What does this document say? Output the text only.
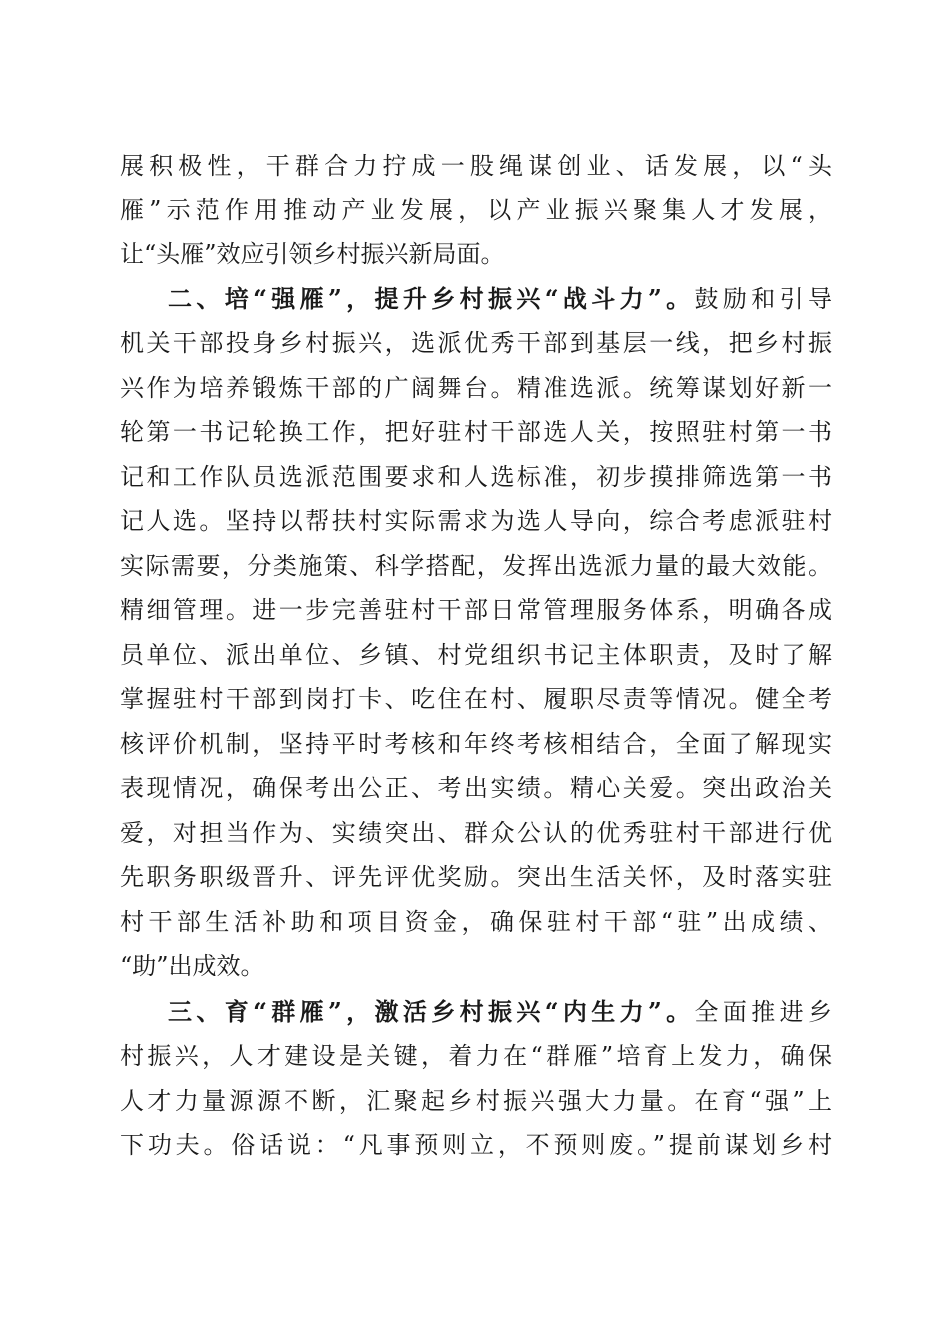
展积极性，干群合力拧成一股绳谋创业、话发展，以“头
雁”示范作用推动产业发展，以产业振兴聚集人才发展，
让“头雁”效应引领乡村振兴新局面。
二、培“强雁”，提升乡村振兴“战斗力”。鼓励和引导
机关干部投身乡村振兴，选派优秀干部到基层一线，把乡村振
兴作为培养锻炼干部的广阔舞台。精准选派。统筹谋划好新一
轮第一书记轮换工作，把好驻村干部选人关，按照驻村第一书
记和工作队员选派范围要求和人选标准，初步摸排筛选第一书
记人选。坚持以帮扶村实际需求为选人导向，综合考虑派驻村
实际需要，分类施策、科学搭配，发挥出选派力量的最大效能。
精细管理。进一步完善驻村干部日常管理服务体系，明确各成
员单位、派出单位、乡镇、村党组织书记主体职责，及时了解
掌握驻村干部到岗打卡、吃住在村、履职尽责等情况。健全考
核评价机制，坚持平时考核和年终考核相结合，全面了解现实
表现情况，确保考出公正、考出实绩。精心关爱。突出政治关
爱，对担当作为、实绩突出、群众公认的优秀驻村干部进行优
先职务职级晋升、评先评优奖励。突出生活关怀，及时落实驻
村干部生活补助和项目资金，确保驻村干部“驻”出成绩、
“助”出成效。
三、育“群雁”，激活乡村振兴“内生力”。全面推进乡
村振兴，人才建设是关键，着力在“群雁”培育上发力，确保
人才力量源源不断，汇聚起乡村振兴强大力量。在育“强”上
下功夫。俗话说：“凡事预则立，不预则废。”提前谋划乡村
